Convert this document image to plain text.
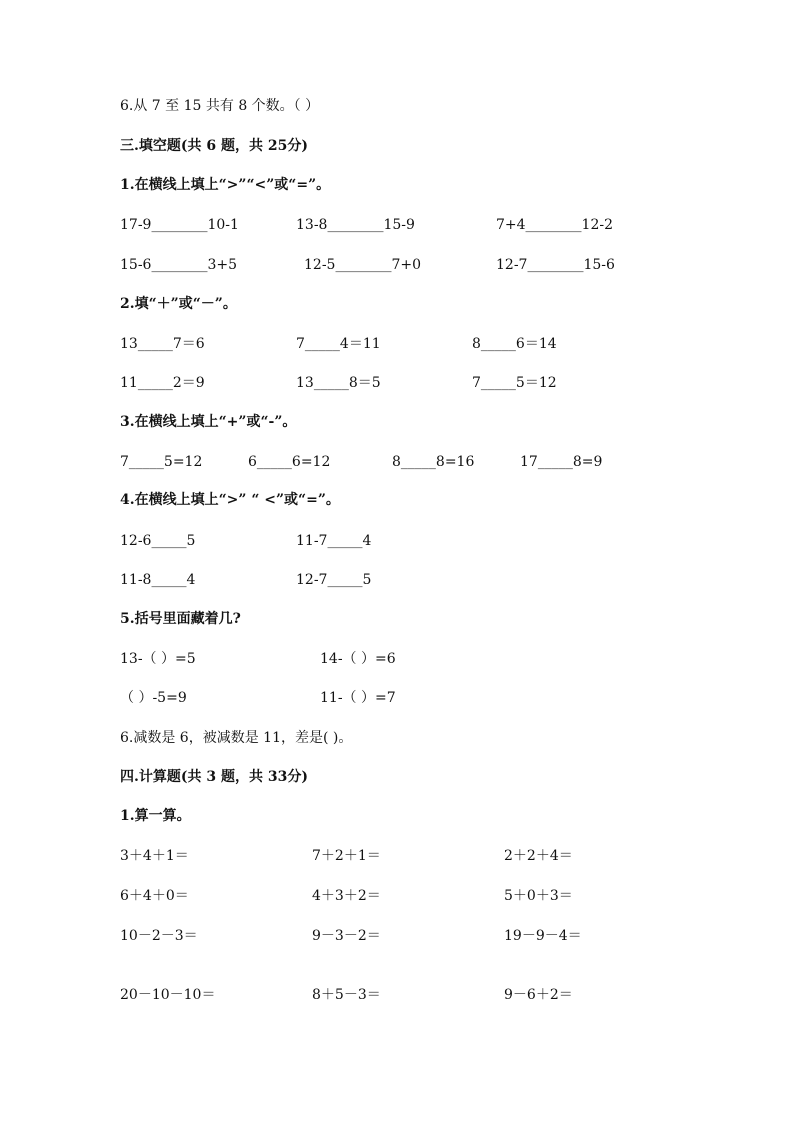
6.从 7 至 15 共有 8 个数。（ ）
三.填空题(共 6 题，共 25分)
1.在横线上填上“>”“<”或“=”。
17-9________10-1	13-8________15-9	7+4________12-2
15-6________3+5	12-5________7+0	12-7________15-6
2.填“＋”或“－”。
13_____7＝6	7_____4＝11	8_____6＝14
11_____2＝9	13_____8＝5	7_____5＝12
3.在横线上填上“+”或“-”。
7_____5=12	6_____6=12	8_____8=16	17_____8=9
4.在横线上填上“>” “ <”或“=”。
12-6_____5	11-7_____4
11-8_____4	12-7_____5
5.括号里面藏着几?
13-（ ）=5	14-（ ）=6
（ ）-5=9	11-（ ）=7
6.减数是 6，被减数是 11，差是( )。
四.计算题(共 3 题，共 33分)
1.算一算。
3＋4＋1＝	7＋2＋1＝	2＋2＋4＝
6＋4＋0＝	4＋3＋2＝	5＋0＋3＝
10－2－3＝	9－3－2＝	19－9－4＝
20－10－10＝	8＋5－3＝	9－6＋2＝
